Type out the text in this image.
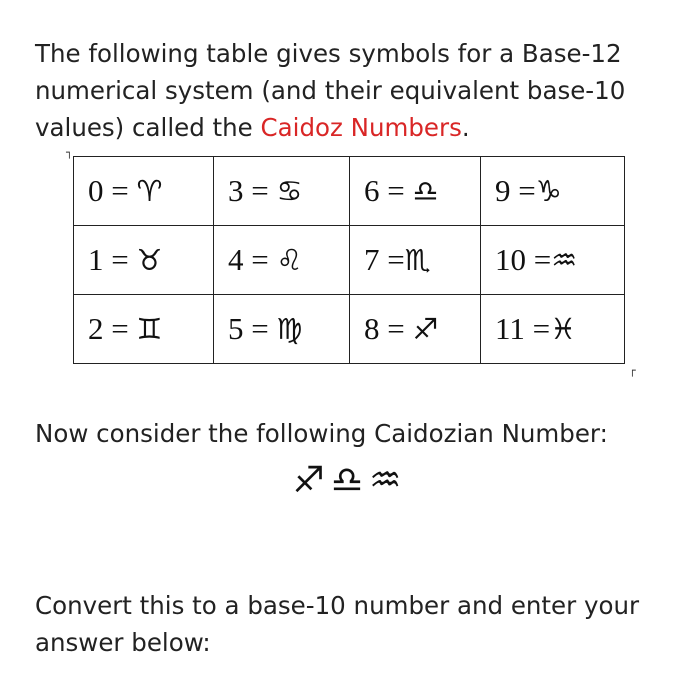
The following table gives symbols for a Base-12 numerical system (and their equivalent base-10 values) called the Caidoz Numbers.

┐
0 = ♈	3 = ♋	6 = ♎	9 =♑
1 = ♉	4 = ♌	7 =♏	10 =♒
2 = ♊	5 = ♍	8 = ♐	11 =♓
┌

Now consider the following Caidozian Number:

♐♎♒

Convert this to a base-10 number and enter your answer below:
